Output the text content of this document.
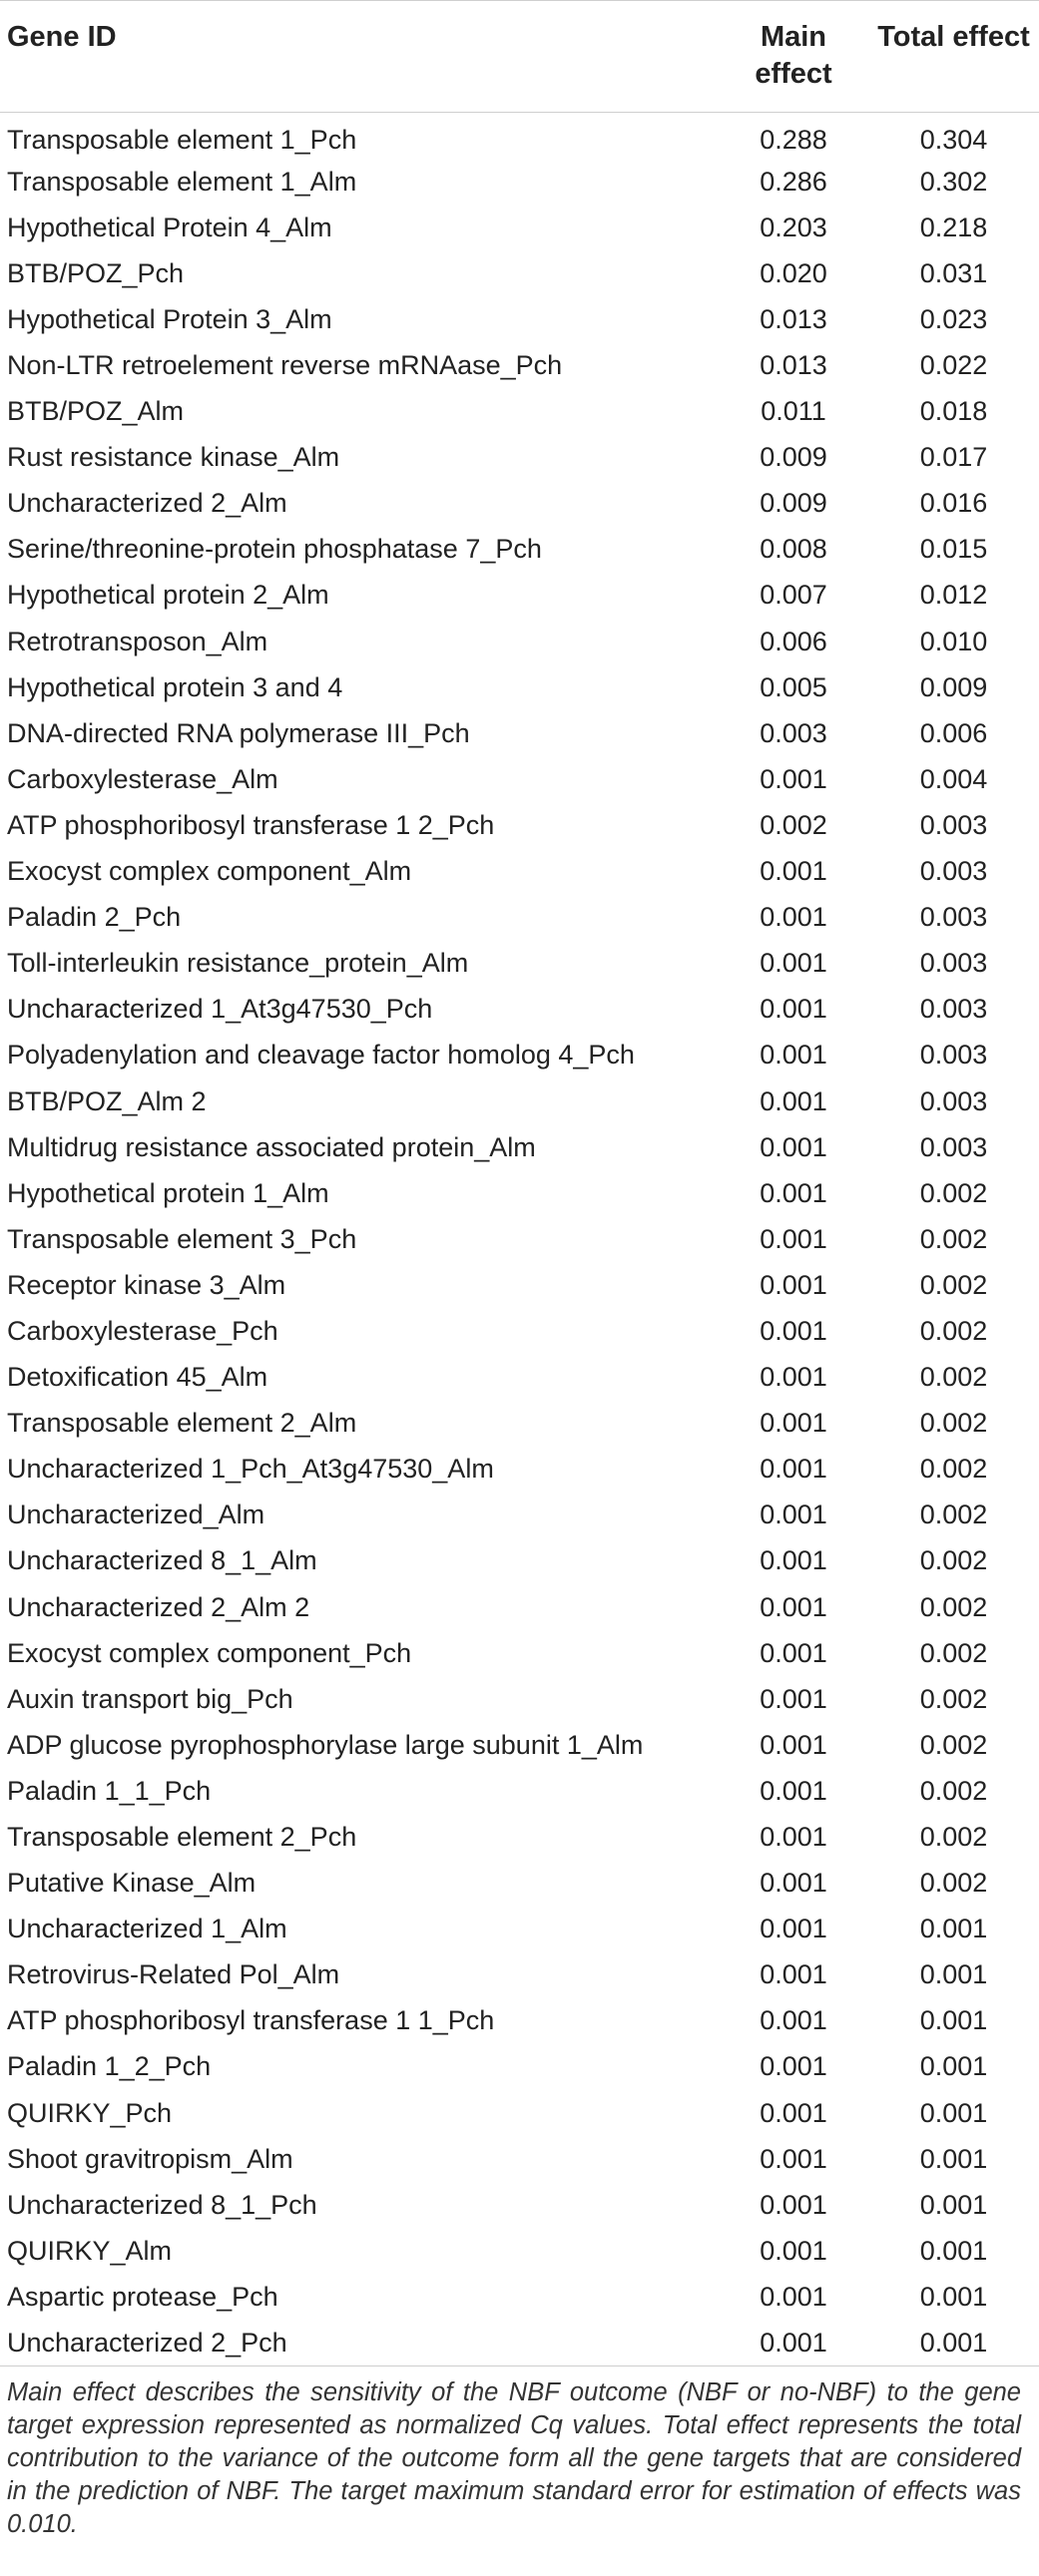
Gene ID	Main effect	Total effect
Transposable element 1_Pch	0.288	0.304
Transposable element 1_Alm	0.286	0.302
Hypothetical Protein 4_Alm	0.203	0.218
BTB/POZ_Pch	0.020	0.031
Hypothetical Protein 3_Alm	0.013	0.023
Non-LTR retroelement reverse mRNAase_Pch	0.013	0.022
BTB/POZ_Alm	0.011	0.018
Rust resistance kinase_Alm	0.009	0.017
Uncharacterized 2_Alm	0.009	0.016
Serine/threonine-protein phosphatase 7_Pch	0.008	0.015
Hypothetical protein 2_Alm	0.007	0.012
Retrotransposon_Alm	0.006	0.010
Hypothetical protein 3 and 4	0.005	0.009
DNA-directed RNA polymerase III_Pch	0.003	0.006
Carboxylesterase_Alm	0.001	0.004
ATP phosphoribosyl transferase 1 2_Pch	0.002	0.003
Exocyst complex component_Alm	0.001	0.003
Paladin 2_Pch	0.001	0.003
Toll-interleukin resistance_protein_Alm	0.001	0.003
Uncharacterized 1_At3g47530_Pch	0.001	0.003
Polyadenylation and cleavage factor homolog 4_Pch	0.001	0.003
BTB/POZ_Alm 2	0.001	0.003
Multidrug resistance associated protein_Alm	0.001	0.003
Hypothetical protein 1_Alm	0.001	0.002
Transposable element 3_Pch	0.001	0.002
Receptor kinase 3_Alm	0.001	0.002
Carboxylesterase_Pch	0.001	0.002
Detoxification 45_Alm	0.001	0.002
Transposable element 2_Alm	0.001	0.002
Uncharacterized 1_Pch_At3g47530_Alm	0.001	0.002
Uncharacterized_Alm	0.001	0.002
Uncharacterized 8_1_Alm	0.001	0.002
Uncharacterized 2_Alm 2	0.001	0.002
Exocyst complex component_Pch	0.001	0.002
Auxin transport big_Pch	0.001	0.002
ADP glucose pyrophosphorylase large subunit 1_Alm	0.001	0.002
Paladin 1_1_Pch	0.001	0.002
Transposable element 2_Pch	0.001	0.002
Putative Kinase_Alm	0.001	0.002
Uncharacterized 1_Alm	0.001	0.001
Retrovirus-Related Pol_Alm	0.001	0.001
ATP phosphoribosyl transferase 1 1_Pch	0.001	0.001
Paladin 1_2_Pch	0.001	0.001
QUIRKY_Pch	0.001	0.001
Shoot gravitropism_Alm	0.001	0.001
Uncharacterized 8_1_Pch	0.001	0.001
QUIRKY_Alm	0.001	0.001
Aspartic protease_Pch	0.001	0.001
Uncharacterized 2_Pch	0.001	0.001
Main effect describes the sensitivity of the NBF outcome (NBF or no-NBF) to the gene target expression represented as normalized Cq values. Total effect represents the total contribution to the variance of the outcome form all the gene targets that are considered in the prediction of NBF. The target maximum standard error for estimation of effects was 0.010.
